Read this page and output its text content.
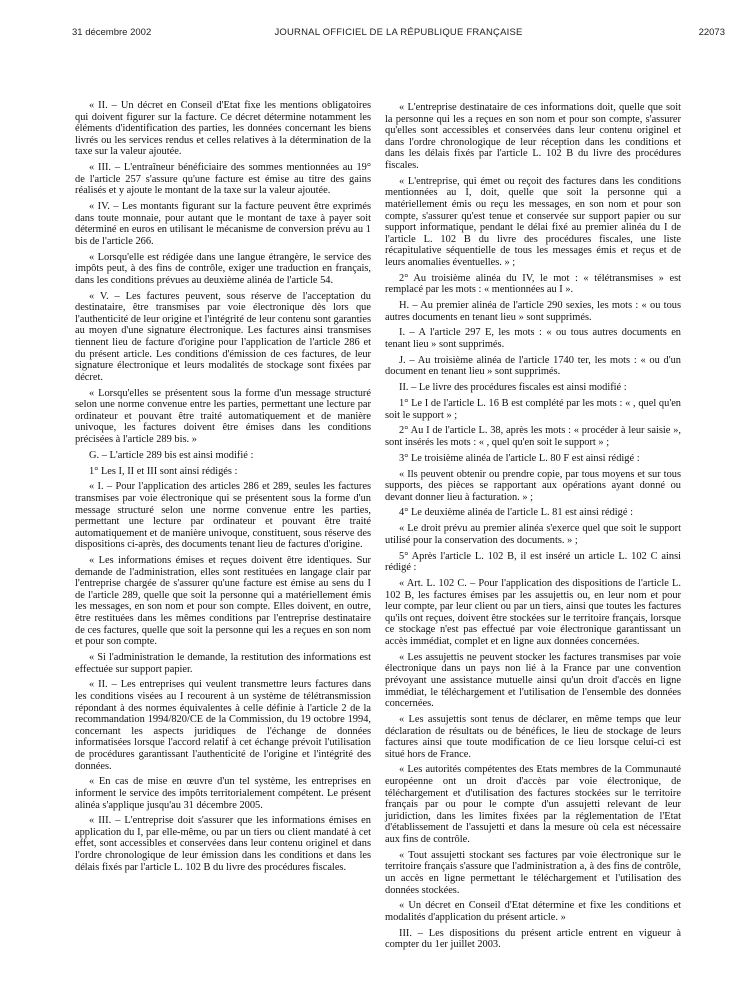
31 décembre 2002	JOURNAL OFFICIEL DE LA RÉPUBLIQUE FRANÇAISE	22073

« II. – Un décret en Conseil d'Etat fixe les mentions obligatoires qui doivent figurer sur la facture. Ce décret détermine notamment les éléments d'identification des parties, les données concernant les biens livrés ou les services rendus et celles relatives à la détermination de la taxe sur la valeur ajoutée.

« III. – L'entraîneur bénéficiaire des sommes mentionnées au 19° de l'article 257 s'assure qu'une facture est émise au titre des gains réalisés et y ajoute le montant de la taxe sur la valeur ajoutée.

« IV. – Les montants figurant sur la facture peuvent être exprimés dans toute monnaie, pour autant que le montant de taxe à payer soit déterminé en euros en utilisant le mécanisme de conversion prévu au 1 bis de l'article 266.

« Lorsqu'elle est rédigée dans une langue étrangère, le service des impôts peut, à des fins de contrôle, exiger une traduction en français, dans les conditions prévues au deuxième alinéa de l'article 54.

« V. – Les factures peuvent, sous réserve de l'acceptation du destinataire, être transmises par voie électronique dès lors que l'authenticité de leur origine et l'intégrité de leur contenu sont garanties au moyen d'une signature électronique. Les factures ainsi transmises tiennent lieu de facture d'origine pour l'application de l'article 286 et du présent article. Les conditions d'émission de ces factures, de leur signature électronique et leurs modalités de stockage sont fixées par décret.

« Lorsqu'elles se présentent sous la forme d'un message structuré selon une norme convenue entre les parties, permettant une lecture par ordinateur et pouvant être traité automatiquement et de manière univoque, les factures doivent être émises dans les conditions précisées à l'article 289 bis. »

G. – L'article 289 bis est ainsi modifié :

1° Les I, II et III sont ainsi rédigés :

« I. – Pour l'application des articles 286 et 289, seules les factures transmises par voie électronique qui se présentent sous la forme d'un message structuré selon une norme convenue entre les parties, permettant une lecture par ordinateur et pouvant être traité automatiquement et de manière univoque, constituent, sous réserve des dispositions ci-après, des documents tenant lieu de factures d'origine.

« Les informations émises et reçues doivent être identiques. Sur demande de l'administration, elles sont restituées en langage clair par l'entreprise chargée de s'assurer qu'une facture est émise au sens du I de l'article 289, quelle que soit la personne qui a matériellement émis les messages, en son nom et pour son compte. Elles doivent, en outre, être restituées dans les mêmes conditions par l'entreprise destinataire de ces factures, quelle que soit la personne qui les a reçues en son nom et pour son compte.

« Si l'administration le demande, la restitution des informations est effectuée sur support papier.

« II. – Les entreprises qui veulent transmettre leurs factures dans les conditions visées au I recourent à un système de télétransmission répondant à des normes équivalentes à celle définie à l'article 2 de la recommandation 1994/820/CE de la Commission, du 19 octobre 1994, concernant les aspects juridiques de l'échange de données informatisées lorsque l'accord relatif à cet échange prévoit l'utilisation de procédures garantissant l'authenticité de l'origine et l'intégrité des données.

« En cas de mise en œuvre d'un tel système, les entreprises en informent le service des impôts territorialement compétent. Le présent alinéa s'applique jusqu'au 31 décembre 2005.

« III. – L'entreprise doit s'assurer que les informations émises en application du I, par elle-même, ou par un tiers ou client mandaté à cet effet, sont accessibles et conservées dans leur contenu originel et dans l'ordre chronologique de leur émission dans les conditions et dans les délais fixés par l'article L. 102 B du livre des procédures fiscales.

« L'entreprise destinataire de ces informations doit, quelle que soit la personne qui les a reçues en son nom et pour son compte, s'assurer qu'elles sont accessibles et conservées dans leur contenu originel et dans l'ordre chronologique de leur réception dans les conditions et dans les délais fixés par l'article L. 102 B du livre des procédures fiscales.

« L'entreprise, qui émet ou reçoit des factures dans les conditions mentionnées au I, doit, quelle que soit la personne qui a matériellement émis ou reçu les messages, en son nom et pour son compte, s'assurer qu'est tenue et conservée sur support papier ou sur support informatique, pendant le délai fixé au premier alinéa du I de l'article L. 102 B du livre des procédures fiscales, une liste récapitulative séquentielle de tous les messages émis et reçus et de leurs anomalies éventuelles. » ;

2° Au troisième alinéa du IV, le mot : « télétransmises » est remplacé par les mots : « mentionnées au I ».

H. – Au premier alinéa de l'article 290 sexies, les mots : « ou tous autres documents en tenant lieu » sont supprimés.

I. – A l'article 297 E, les mots : « ou tous autres documents en tenant lieu » sont supprimés.

J. – Au troisième alinéa de l'article 1740 ter, les mots : « ou d'un document en tenant lieu » sont supprimés.

II. – Le livre des procédures fiscales est ainsi modifié :

1° Le I de l'article L. 16 B est complété par les mots : « , quel qu'en soit le support » ;

2° Au I de l'article L. 38, après les mots : « procéder à leur saisie », sont insérés les mots : « , quel qu'en soit le support » ;

3° Le troisième alinéa de l'article L. 80 F est ainsi rédigé :

« Ils peuvent obtenir ou prendre copie, par tous moyens et sur tous supports, des pièces se rapportant aux opérations ayant donné ou devant donner lieu à facturation. » ;

4° Le deuxième alinéa de l'article L. 81 est ainsi rédigé :

« Le droit prévu au premier alinéa s'exerce quel que soit le support utilisé pour la conservation des documents. » ;

5° Après l'article L. 102 B, il est inséré un article L. 102 C ainsi rédigé :

« Art. L. 102 C. – Pour l'application des dispositions de l'article L. 102 B, les factures émises par les assujettis ou, en leur nom et pour leur compte, par leur client ou par un tiers, ainsi que toutes les factures qu'ils ont reçues, doivent être stockées sur le territoire français, lorsque ce stockage n'est pas effectué par voie électronique garantissant un accès immédiat, complet et en ligne aux données concernées.

« Les assujettis ne peuvent stocker les factures transmises par voie électronique dans un pays non lié à la France par une convention prévoyant une assistance mutuelle ainsi qu'un droit d'accès en ligne immédiat, le téléchargement et l'utilisation de l'ensemble des données concernées.

« Les assujettis sont tenus de déclarer, en même temps que leur déclaration de résultats ou de bénéfices, le lieu de stockage de leurs factures ainsi que toute modification de ce lieu lorsque celui-ci est situé hors de France.

« Les autorités compétentes des Etats membres de la Communauté européenne ont un droit d'accès par voie électronique, de téléchargement et d'utilisation des factures stockées sur le territoire français par ou pour le compte d'un assujetti relevant de leur juridiction, dans les limites fixées par la réglementation de l'Etat d'établissement de l'assujetti et dans la mesure où cela est nécessaire aux fins de contrôle.

« Tout assujetti stockant ses factures par voie électronique sur le territoire français s'assure que l'administration a, à des fins de contrôle, un accès en ligne permettant le téléchargement et l'utilisation des données stockées.

« Un décret en Conseil d'Etat détermine et fixe les conditions et modalités d'application du présent article. »

III. – Les dispositions du présent article entrent en vigueur à compter du 1er juillet 2003.
